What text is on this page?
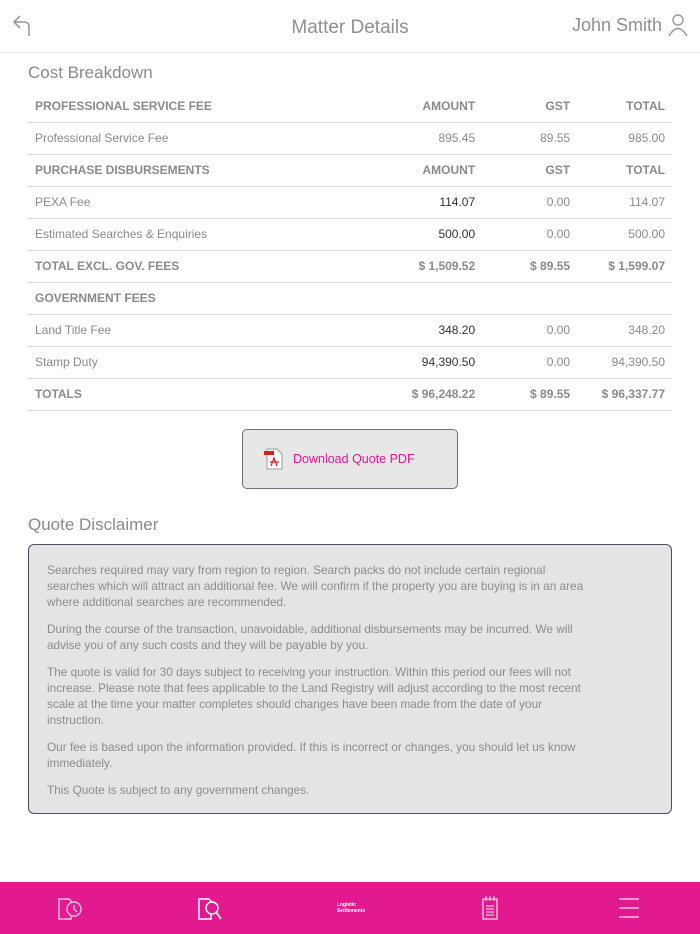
Matter Details	John Smith
Cost Breakdown
PROFESSIONAL SERVICE FEE	AMOUNT	GST	TOTAL
Professional Service Fee	895.45	89.55	985.00
PURCHASE DISBURSEMENTS	AMOUNT	GST	TOTAL
PEXA Fee	114.07	0.00	114.07
Estimated Searches & Enquiries	500.00	0.00	500.00
TOTAL EXCL. GOV. FEES	$ 1,509.52	$ 89.55	$ 1,599.07
GOVERNMENT FEES			
Land Title Fee	348.20	0.00	348.20
Stamp Duty	94,390.50	0.00	94,390.50
TOTALS	$ 96,248.22	$ 89.55	$ 96,337.77
Download Quote PDF
Quote Disclaimer

Searches required may vary from region to region. Search packs do not include certain regional searches which will attract an additional fee. We will confirm if the property you are buying is in an area where additional searches are recommended.

During the course of the transaction, unavoidable, additional disbursements may be incurred. We will advise you of any such costs and they will be payable by you.

The quote is valid for 30 days subject to receiving your instruction. Within this period our fees will not increase. Please note that fees applicable to the Land Registry will adjust according to the most recent scale at the time your matter completes should changes have been made from the date of your instruction.

Our fee is based upon the information provided. If this is incorrect or changes, you should let us know immediately.

This Quote is subject to any government changes.

Logistic
Settlements
